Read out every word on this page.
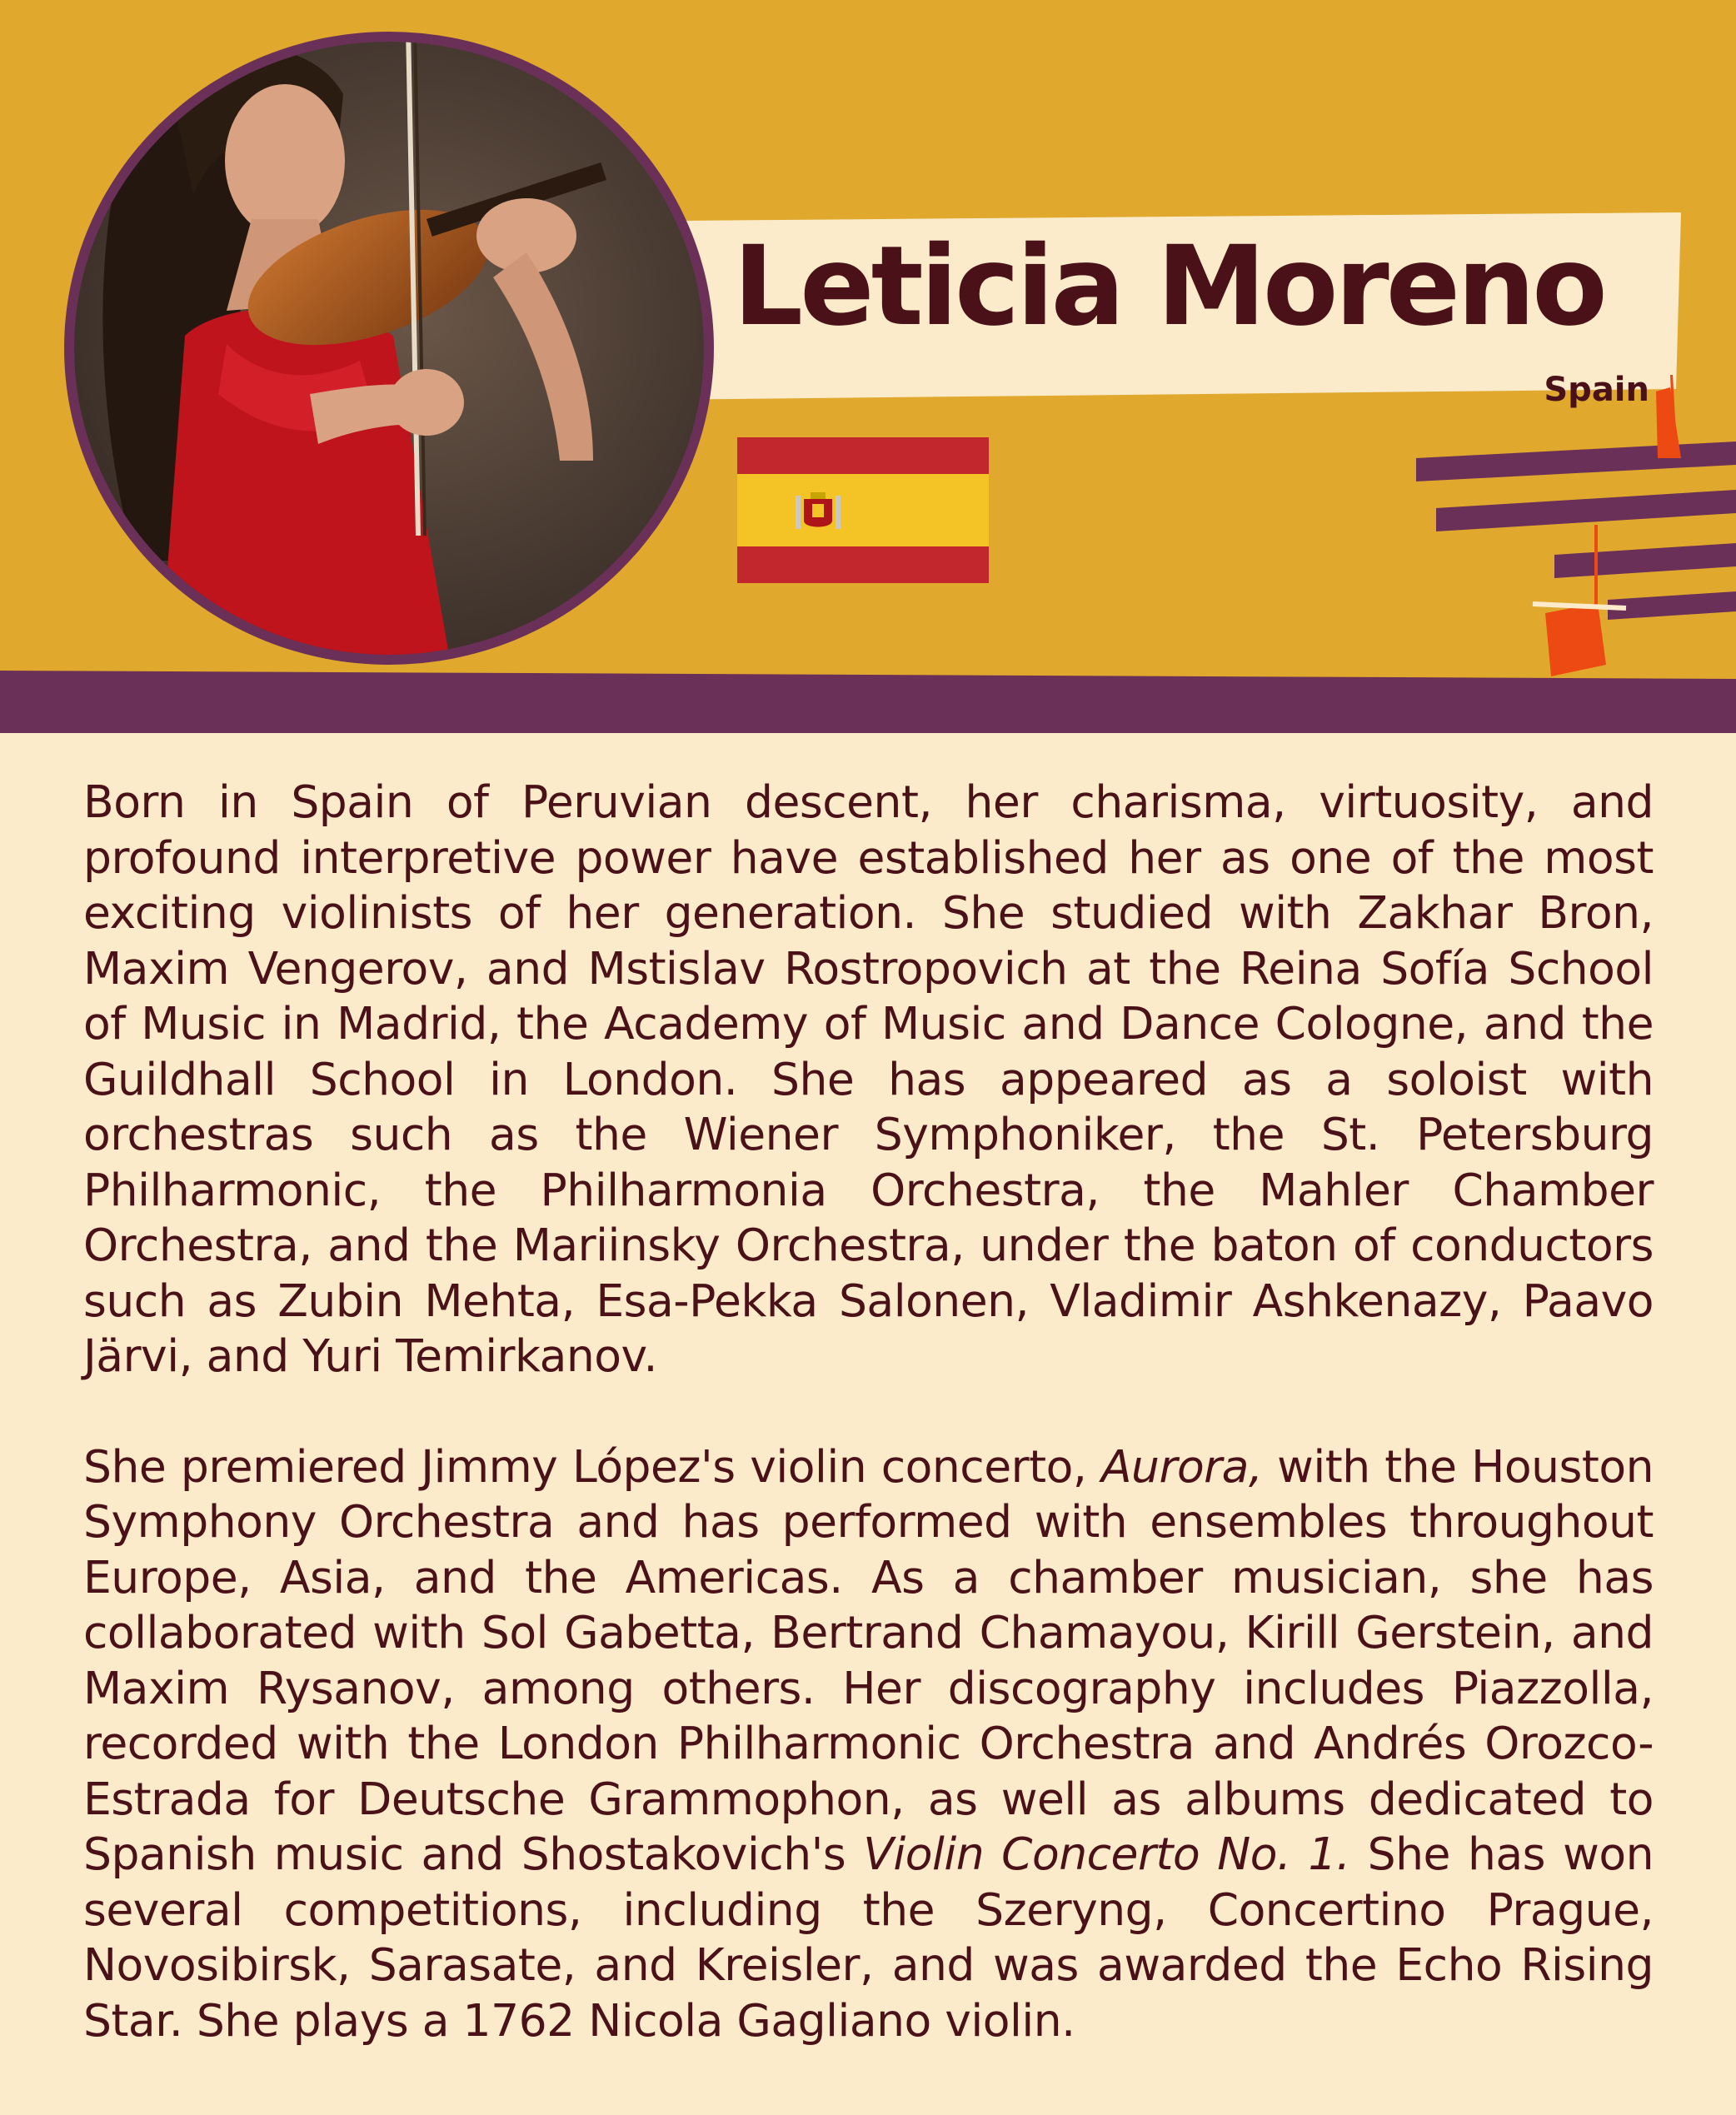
Leticia Moreno

Spain

Born in Spain of Peruvian descent, her charisma, virtuosity, and profound interpretive power have established her as one of the most exciting violinists of her generation. She studied with Zakhar Bron, Maxim Vengerov, and Mstislav Rostropovich at the Reina Sofía School of Music in Madrid, the Academy of Music and Dance Cologne, and the Guildhall School in London. She has appeared as a soloist with orchestras such as the Wiener Symphoniker, the St. Petersburg Philharmonic, the Philharmonia Orchestra, the Mahler Chamber Orchestra, and the Mariinsky Orchestra, under the baton of conductors such as Zubin Mehta, Esa-Pekka Salonen, Vladimir Ashkenazy, Paavo Järvi, and Yuri Temirkanov.

She premiered Jimmy López's violin concerto, Aurora, with the Houston Symphony Orchestra and has performed with ensembles throughout Europe, Asia, and the Americas. As a chamber musician, she has collaborated with Sol Gabetta, Bertrand Chamayou, Kirill Gerstein, and Maxim Rysanov, among others. Her discography includes Piazzolla, recorded with the London Philharmonic Orchestra and Andrés Orozco-Estrada for Deutsche Grammophon, as well as albums dedicated to Spanish music and Shostakovich's Violin Concerto No. 1. She has won several competitions, including the Szeryng, Concertino Prague, Novosibirsk, Sarasate, and Kreisler, and was awarded the Echo Rising Star. She plays a 1762 Nicola Gagliano violin.
